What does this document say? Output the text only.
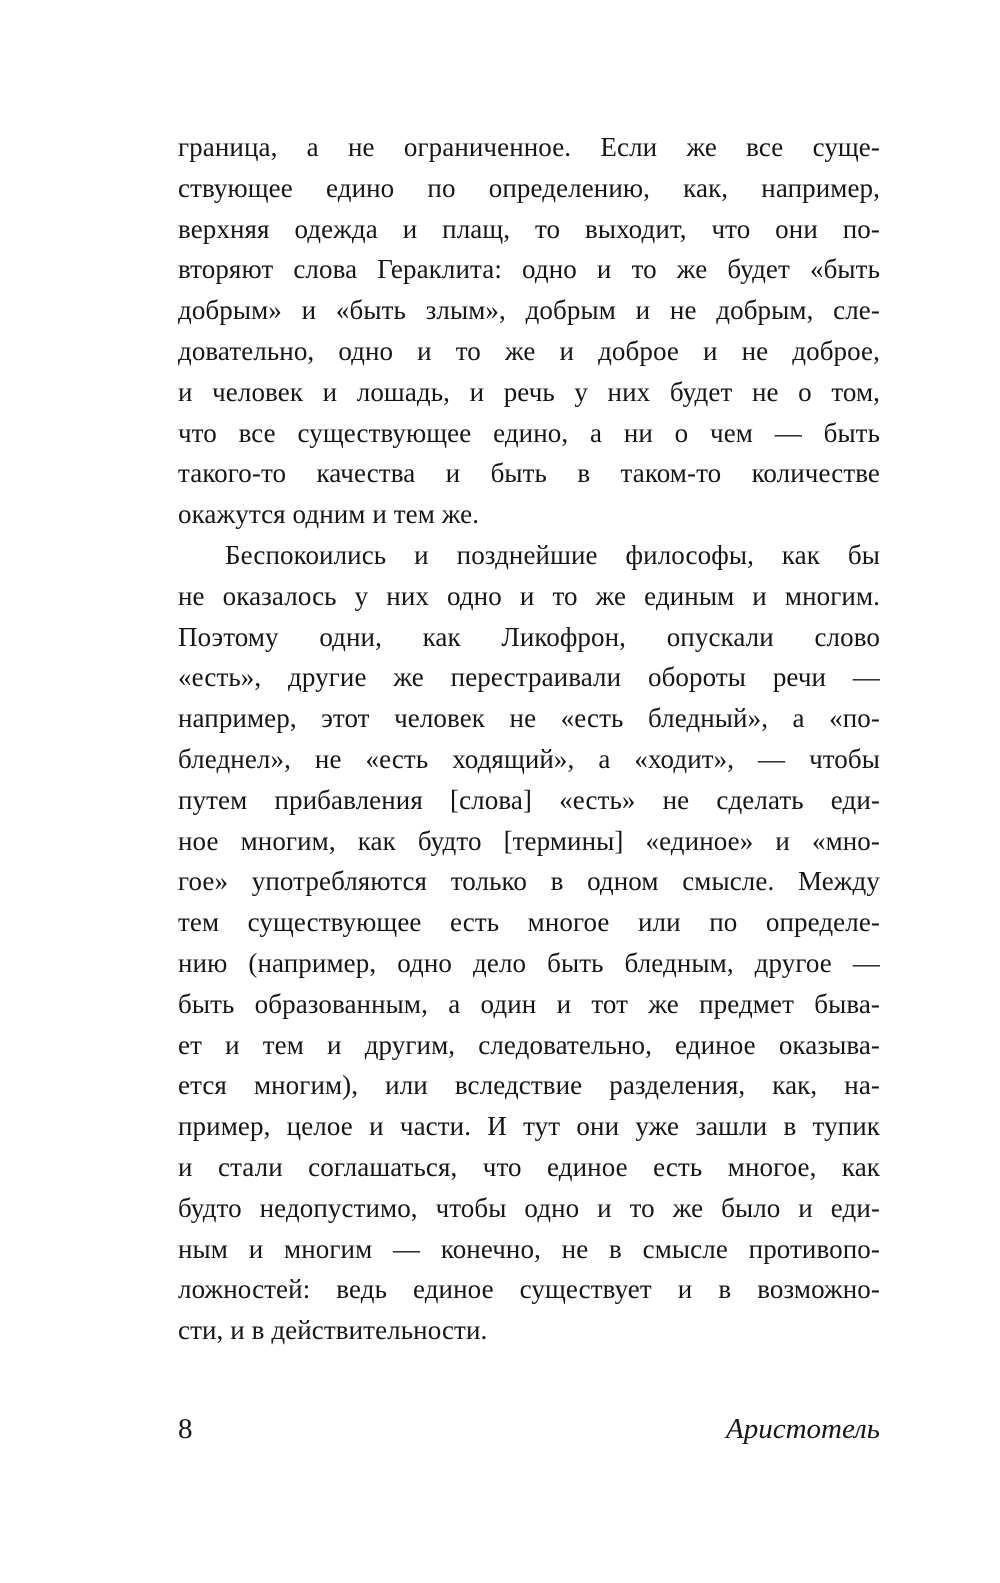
граница, а не ограниченное. Если же все суще-
ствующее едино по определению, как, например,
верхняя одежда и плащ, то выходит, что они по-
вторяют слова Гераклита: одно и то же будет «быть
добрым» и «быть злым», добрым и не добрым, сле-
довательно, одно и то же и доброе и не доброе,
и человек и лошадь, и речь у них будет не о том,
что все существующее едино, а ни о чем — быть
такого-то качества и быть в таком-то количестве
окажутся одним и тем же.
Беспокоились и позднейшие философы, как бы
не оказалось у них одно и то же единым и многим.
Поэтому одни, как Ликофрон, опускали слово
«есть», другие же перестраивали обороты речи —
например, этот человек не «есть бледный», а «по-
бледнел», не «есть ходящий», а «ходит», — чтобы
путем прибавления [слова] «есть» не сделать еди-
ное многим, как будто [термины] «единое» и «мно-
гое» употребляются только в одном смысле. Между
тем существующее есть многое или по определе-
нию (например, одно дело быть бледным, другое —
быть образованным, а один и тот же предмет быва-
ет и тем и другим, следовательно, единое оказыва-
ется многим), или вследствие разделения, как, на-
пример, целое и части. И тут они уже зашли в тупик
и стали соглашаться, что единое есть многое, как
будто недопустимо, чтобы одно и то же было и еди-
ным и многим — конечно, не в смысле противопо-
ложностей: ведь единое существует и в возможно-
сти, и в действительности.
8	Аристотель
